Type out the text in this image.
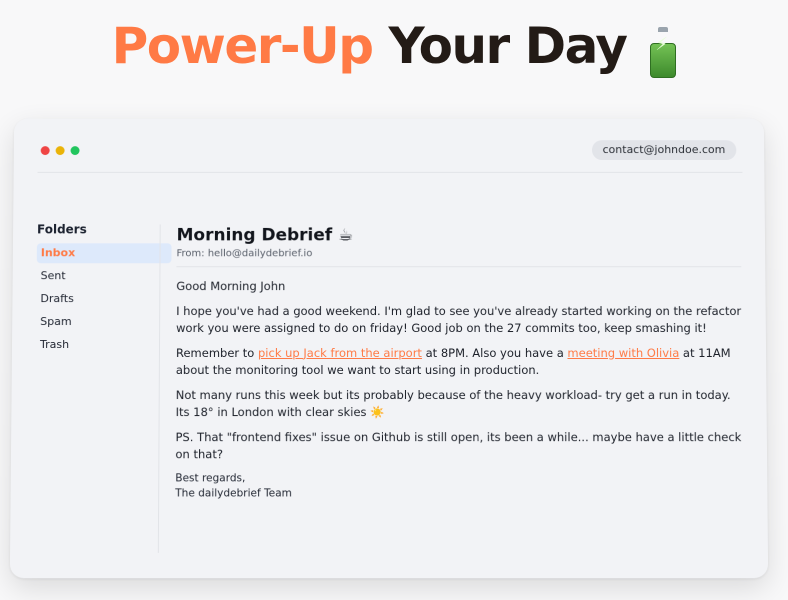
Power-Up Your Day ⚡
contact@johndoe.com
Folders
Inbox
Sent
Drafts
Spam
Trash
Morning Debrief ☕
From: hello@dailydebrief.io

Good Morning John

I hope you've had a good weekend. I'm glad to see you've already started working on the refactor work you were assigned to do on friday! Good job on the 27 commits too, keep smashing it!

Remember to pick up Jack from the airport at 8PM. Also you have a meeting with Olivia at 11AM about the monitoring tool we want to start using in production.

Not many runs this week but its probably because of the heavy workload- try get a run in today. Its 18° in London with clear skies ☀️

PS. That "frontend fixes" issue on Github is still open, its been a while... maybe have a little check on that?

Best regards,
The dailydebrief Team
